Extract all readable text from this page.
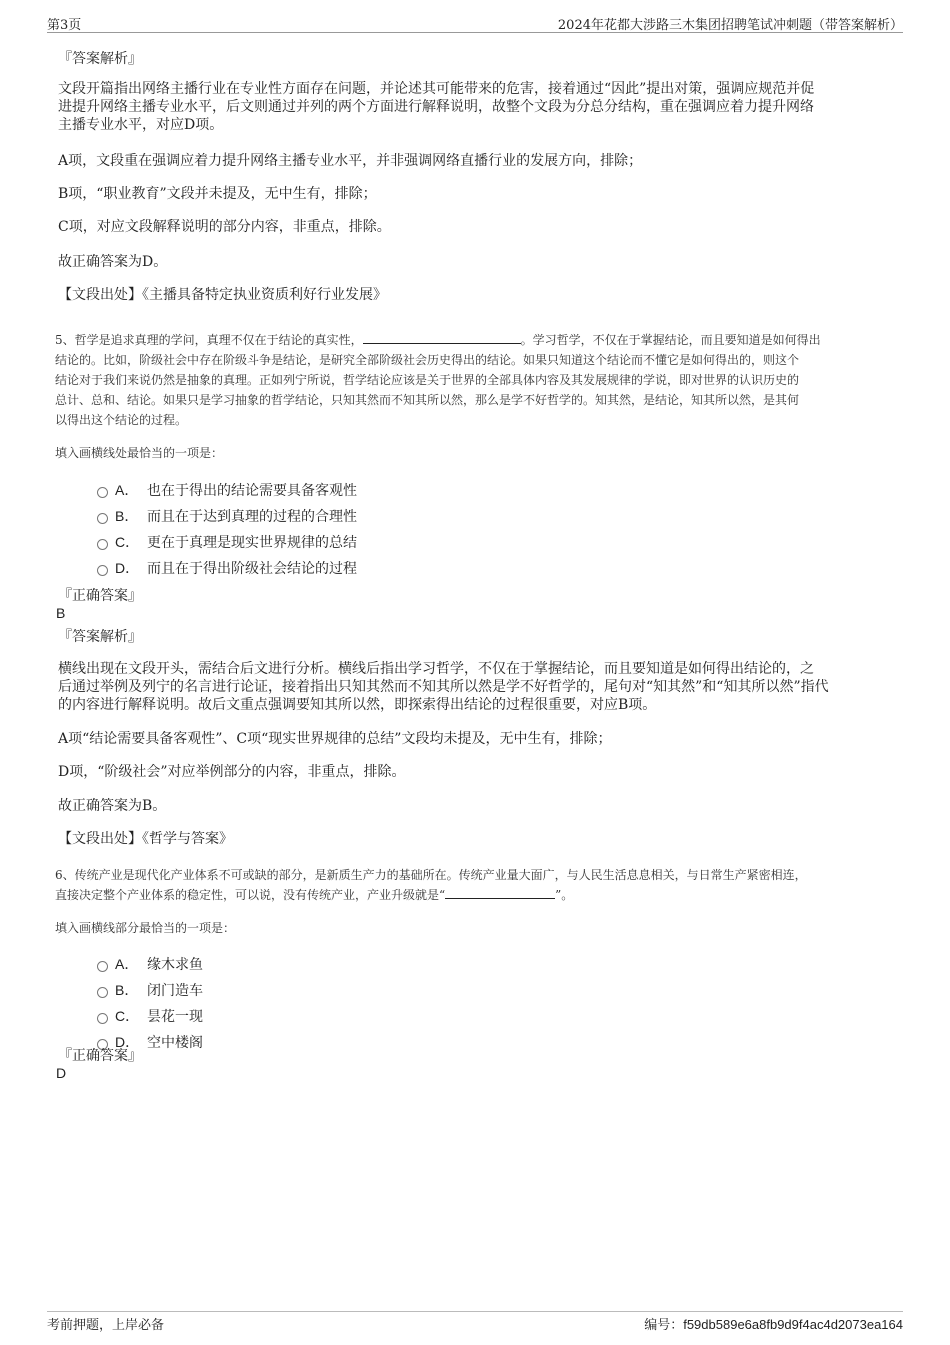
第3页	2024年花都大涉路三木集团招聘笔试冲刺题（带答案解析）
『答案解析』
文段开篇指出网络主播行业在专业性方面存在问题，并论述其可能带来的危害，接着通过“因此”提出对策，强调应规范并促
进提升网络主播专业水平，后文则通过并列的两个方面进行解释说明，故整个文段为分总分结构，重在强调应着力提升网络
主播专业水平，对应D项。
A项，文段重在强调应着力提升网络主播专业水平，并非强调网络直播行业的发展方向，排除；
B项，“职业教育”文段并未提及，无中生有，排除；
C项，对应文段解释说明的部分内容，非重点，排除。
故正确答案为D。
【文段出处】《主播具备特定执业资质利好行业发展》
5、哲学是追求真理的学问，真理不仅在于结论的真实性，	。学习哲学，不仅在于掌握结论，而且要知道是如何得出
结论的。比如，阶级社会中存在阶级斗争是结论，是研究全部阶级社会历史得出的结论。如果只知道这个结论而不懂它是如何得出的，则这个
结论对于我们来说仍然是抽象的真理。正如列宁所说，哲学结论应该是关于世界的全部具体内容及其发展规律的学说，即对世界的认识历史的
总计、总和、结论。如果只是学习抽象的哲学结论，只知其然而不知其所以然，那么是学不好哲学的。知其然，是结论，知其所以然，是其何
以得出这个结论的过程。
填入画横线处最恰当的一项是：
A． 也在于得出的结论需要具备客观性
B． 而且在于达到真理的过程的合理性
C． 更在于真理是现实世界规律的总结
D． 而且在于得出阶级社会结论的过程
『正确答案』
B
『答案解析』
横线出现在文段开头，需结合后文进行分析。横线后指出学习哲学，不仅在于掌握结论，而且要知道是如何得出结论的，之
后通过举例及列宁的名言进行论证，接着指出只知其然而不知其所以然是学不好哲学的，尾句对“知其然”和“知其所以然”指代
的内容进行解释说明。故后文重点强调要知其所以然，即探索得出结论的过程很重要，对应B项。
A项“结论需要具备客观性”、C项“现实世界规律的总结”文段均未提及，无中生有，排除；
D项，“阶级社会”对应举例部分的内容，非重点，排除。
故正确答案为B。
【文段出处】《哲学与答案》
6、传统产业是现代化产业体系不可或缺的部分，是新质生产力的基础所在。传统产业量大面广，与人民生活息息相关，与日常生产紧密相连，
直接决定整个产业体系的稳定性，可以说，没有传统产业，产业升级就是“	”。
填入画横线部分最恰当的一项是：
A． 缘木求鱼
B． 闭门造车
C． 昙花一现
D． 空中楼阁
『正确答案』
D
考前押题，上岸必备	编号：f59db589e6a8fb9d9f4ac4d2073ea164
